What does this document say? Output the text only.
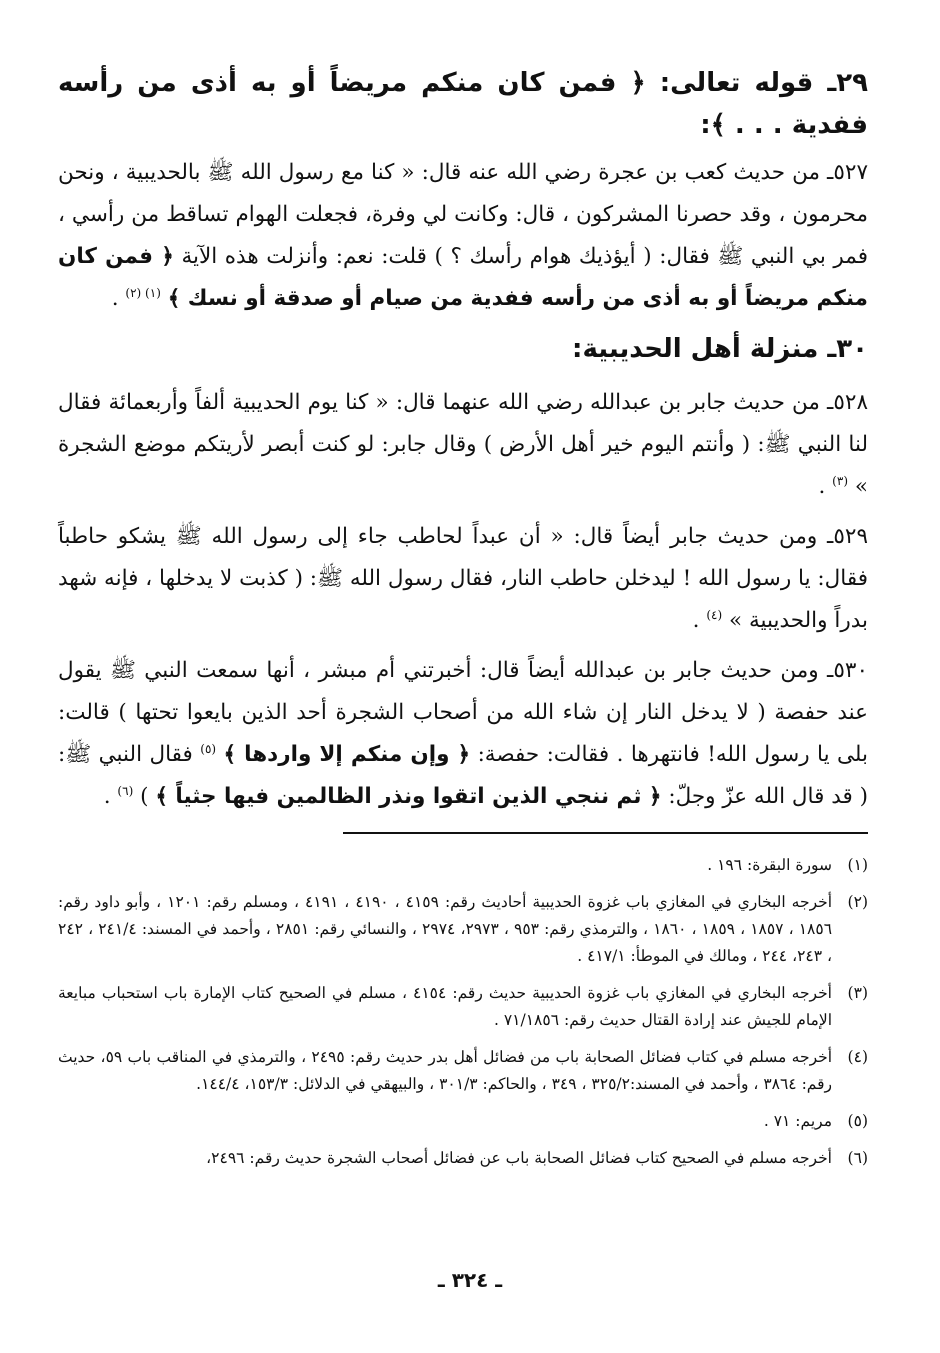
٢٩ـ قوله تعالى: ﴿ فمن كان منكم مريضاً أو به أذى من رأسه ففدية . . . ﴾:

٥٢٧ـ من حديث كعب بن عجرة رضي الله عنه قال: « كنا مع رسول الله ﷺ بالحديبية ، ونحن محرمون ، وقد حصرنا المشركون ، قال: وكانت لي وفرة، فجعلت الهوام تساقط من رأسي ، فمر بي النبي ﷺ فقال: ( أيؤذيك هوام رأسك ؟ ) قلت: نعم: وأنزلت هذه الآية ﴿ فمن كان منكم مريضاً أو به أذى من رأسه ففدية من صيام أو صدقة أو نسك ﴾ $^{(١) (٢)}$ .

٣٠ـ منزلة أهل الحديبية:

٥٢٨ـ من حديث جابر بن عبدالله رضي الله عنهما قال: « كنا يوم الحديبية ألفاً وأربعمائة فقال لنا النبي ﷺ: ( وأنتم اليوم خير أهل الأرض ) وقال جابر: لو كنت أبصر لأريتكم موضع الشجرة » $^{(٣)}$ .

٥٢٩ـ ومن حديث جابر أيضاً قال: « أن عبداً لحاطب جاء إلى رسول الله ﷺ يشكو حاطباً فقال: يا رسول الله ! ليدخلن حاطب النار، فقال رسول الله ﷺ: ( كذبت لا يدخلها ، فإنه شهد بدراً والحديبية » $^{(٤)}$ .

٥٣٠ـ ومن حديث جابر بن عبدالله أيضاً قال: أخبرتني أم مبشر ، أنها سمعت النبي ﷺ يقول عند حفصة ( لا يدخل النار إن شاء الله من أصحاب الشجرة أحد الذين بايعوا تحتها ) قالت: بلى يا رسول الله! فانتهرها . فقالت: حفصة: ﴿ وإن منكم إلا واردها ﴾ $^{(٥)}$ فقال النبي ﷺ: ( قد قال الله عزّ وجلّ: ﴿ ثم ننجي الذين اتقوا ونذر الظالمين فيها جثياً ﴾ ) $^{(٦)}$ .

(١)
سورة البقرة: ١٩٦ .

(٢)
أخرجه البخاري في المغازي باب غزوة الحديبية أحاديث رقم: ٤١٥٩ ، ٤١٩٠ ، ٤١٩١ ، ومسلم رقم: ١٢٠١ ، وأبو داود رقم: ١٨٥٦ ، ١٨٥٧ ، ١٨٥٩ ، ١٨٦٠ ، والترمذي رقم: ٩٥٣ ، ٢٩٧٣، ٢٩٧٤ ، والنسائي رقم: ٢٨٥١ ، وأحمد في المسند: ٢٤١/٤ ، ٢٤٢ ، ٢٤٣، ٢٤٤ ، ومالك في الموطأ: ٤١٧/١ .

(٣)
أخرجه البخاري في المغازي باب غزوة الحديبية حديث رقم: ٤١٥٤ ، مسلم في الصحيح كتاب الإمارة باب استحباب مبايعة الإمام للجيش عند إرادة القتال حديث رقم: ٧١/١٨٥٦ .

(٤)
أخرجه مسلم في كتاب فضائل الصحابة باب من فضائل أهل بدر حديث رقم: ٢٤٩٥ ، والترمذي في المناقب باب ٥٩، حديث رقم: ٣٨٦٤ ، وأحمد في المسند:٣٢٥/٢ ، ٣٤٩ ، والحاكم: ٣٠١/٣ ، والبيهقي في الدلائل: ١٥٣/٣، ١٤٤/٤.

(٥)
مريم: ٧١ .

(٦)
أخرجه مسلم في الصحيح كتاب فضائل الصحابة باب عن فضائل أصحاب الشجرة حديث رقم: ٢٤٩٦،

ـ ٣٢٤ ـ
